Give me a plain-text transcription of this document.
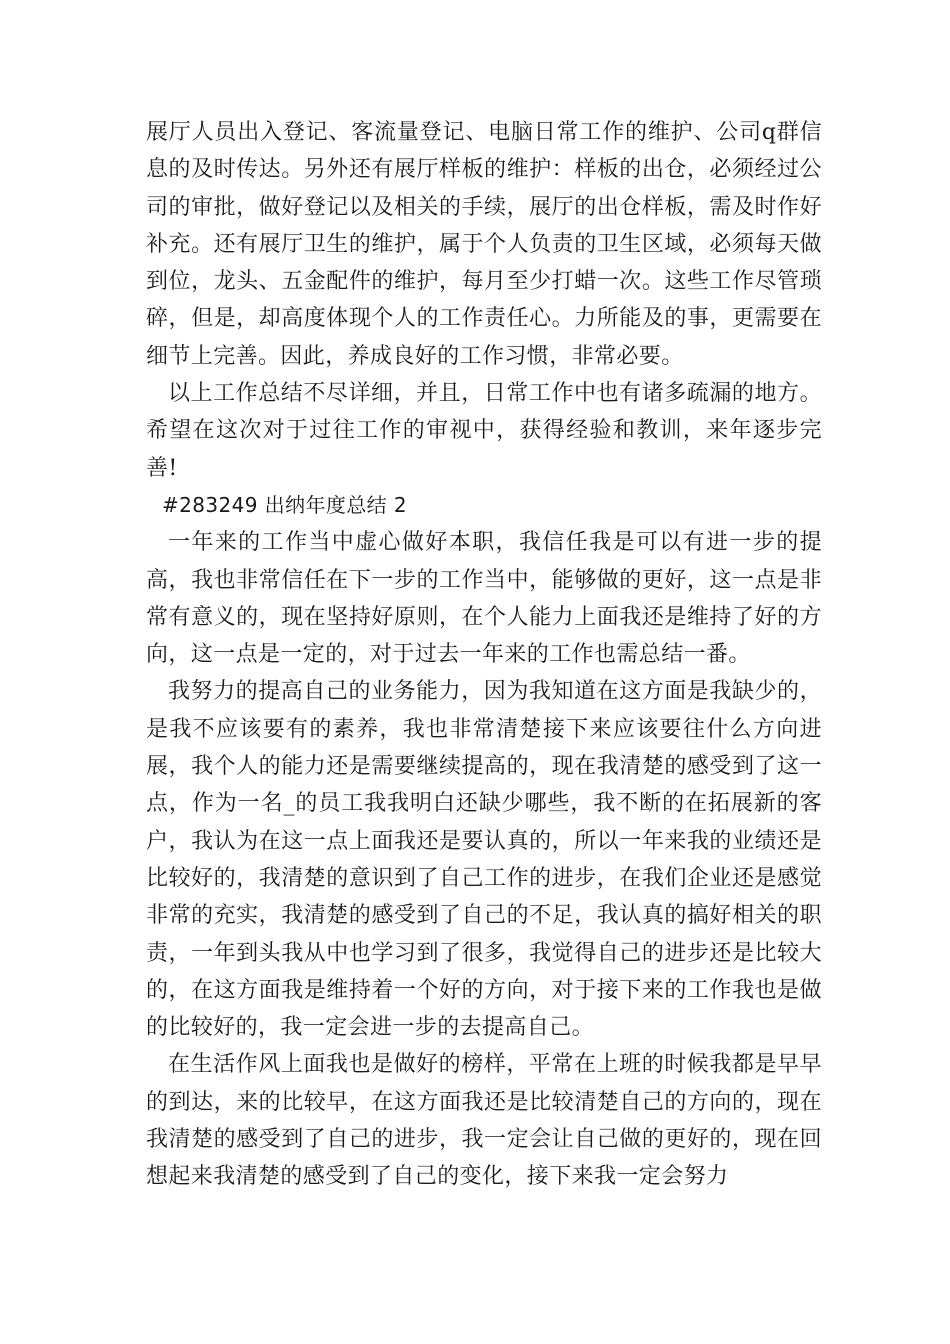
展厅人员出入登记、客流量登记、电脑日常工作的维护、公司q群信息的及时传达。另外还有展厅样板的维护：样板的出仓，必须经过公司的审批，做好登记以及相关的手续，展厅的出仓样板，需及时作好补充。还有展厅卫生的维护，属于个人负责的卫生区域，必须每天做到位，龙头、五金配件的维护，每月至少打蜡一次。这些工作尽管琐碎，但是，却高度体现个人的工作责任心。力所能及的事，更需要在细节上完善。因此，养成良好的工作习惯，非常必要。

以上工作总结不尽详细，并且，日常工作中也有诸多疏漏的地方。希望在这次对于过往工作的审视中，获得经验和教训，来年逐步完善!

#283249 出纳年度总结 2

一年来的工作当中虚心做好本职，我信任我是可以有进一步的提高，我也非常信任在下一步的工作当中，能够做的更好，这一点是非常有意义的，现在坚持好原则，在个人能力上面我还是维持了好的方向，这一点是一定的，对于过去一年来的工作也需总结一番。

我努力的提高自己的业务能力，因为我知道在这方面是我缺少的，是我不应该要有的素养，我也非常清楚接下来应该要往什么方向进展，我个人的能力还是需要继续提高的，现在我清楚的感受到了这一点，作为一名_的员工我我明白还缺少哪些，我不断的在拓展新的客户，我认为在这一点上面我还是要认真的，所以一年来我的业绩还是比较好的，我清楚的意识到了自己工作的进步，在我们企业还是感觉非常的充实，我清楚的感受到了自己的不足，我认真的搞好相关的职责，一年到头我从中也学习到了很多，我觉得自己的进步还是比较大的，在这方面我是维持着一个好的方向，对于接下来的工作我也是做的比较好的，我一定会进一步的去提高自己。

在生活作风上面我也是做好的榜样，平常在上班的时候我都是早早的到达，来的比较早，在这方面我还是比较清楚自己的方向的，现在我清楚的感受到了自己的进步，我一定会让自己做的更好的，现在回想起来我清楚的感受到了自己的变化，接下来我一定会努力
